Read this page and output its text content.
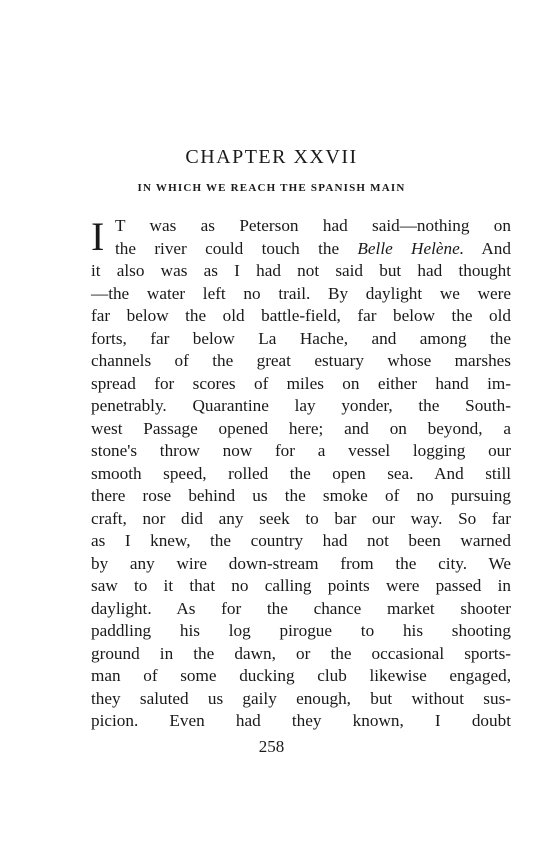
CHAPTER XXVII
IN WHICH WE REACH THE SPANISH MAIN
I T was as Peterson had said—nothing on
the river could touch the Belle Helène. And
it also was as I had not said but had thought
—the water left no trail. By daylight we were
far below the old battle-field, far below the old
forts, far below La Hache, and among the
channels of the great estuary whose marshes
spread for scores of miles on either hand im-
penetrably. Quarantine lay yonder, the South-
west Passage opened here; and on beyond, a
stone's throw now for a vessel logging our
smooth speed, rolled the open sea. And still
there rose behind us the smoke of no pursuing
craft, nor did any seek to bar our way. So far
as I knew, the country had not been warned
by any wire down-stream from the city. We
saw to it that no calling points were passed in
daylight. As for the chance market shooter
paddling his log pirogue to his shooting
ground in the dawn, or the occasional sports-
man of some ducking club likewise engaged,
they saluted us gaily enough, but without sus-
picion. Even had they known, I doubt
258
